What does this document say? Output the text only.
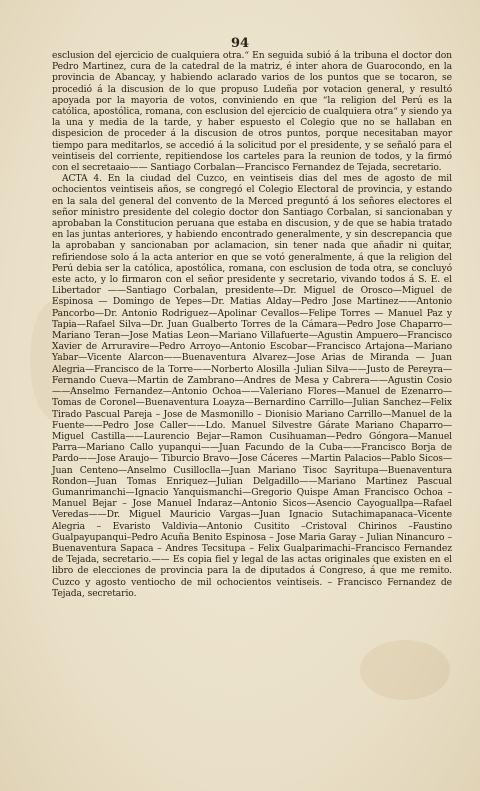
94

esclusion del ejercicio de cualquiera otra.“ En seguida subió á la tribuna el doctor don Pedro Martinez, cura de la catedral de la matriz, é inter ahora de Guarocondo, en la provincia de Abancay, y habiendo aclarado varios de los puntos que se tocaron, se procedió á la discusion de lo que propuso Ludeña por votacion general, y resultó apoyada por la mayoria de votos, conviniendo en que “la religion del Perú es la católica, apostólica, romana, con esclusion del ejercicio de cualquiera otra“ y siendo ya la una y media de la tarde, y haber espuesto el Colegio que no se hallaban en dispesicion de proceder á la discusion de otros puntos, porque necesitaban mayor tiempo para meditarlos, se accedió á la solicitud por el presidente, y se señaló para el veintiseis del corriente, repitiendose los carteles para la reunion de todos, y la firmó con el secretaaio—— Santiago Corbalan—Francisco Fernandez de Tejada, secretario.

ACTA 4. En la ciudad del Cuzco, en veintiseis dias del mes de agosto de mil ochocientos veintiseis años, se congregó el Colegio Electoral de provincia, y estando en la sala del general del convento de la Merced preguntó á los señores electores el señor ministro presidente del colegio doctor don Santiago Corbalan, si sancionaban y aprobaban la Constitucion peruana que estaba en discusion, y de que se habia tratado en las juntas anteriores, y habiendo encontrado generalmente, y sin descrepancia que la aprobaban y sancionaban por aclamacion, sin tener nada que añadir ni quitar, refiriendose solo á la acta anterior en que se votó generalmente, á que la religion del Perú debia ser la católica, apostólica, romana, con esclusion de toda otra, se concluyó este acto, y lo firmaron con el señor presidente y secretario, vivando todos á S. E. el Libertador ——Santiago Corbalan, presidente—Dr. Miguel de Orosco—Miguel de Espinosa — Domingo de Yepes—Dr. Matias Alday—Pedro Jose Martinez——Antonio Pancorbo—Dr. Antonio Rodriguez—Apolinar Cevallos—Felipe Torres — Manuel Paz y Tapia—Rafael Silva—Dr. Juan Gualberto Torres de la Cámara—Pedro Jose Chaparro—Mariano Teran—Jose Matias Leon—Mariano Villafuerte—Agustin Ampuero—Francisco Xavier de Arruravire—Pedro Arroyo—Antonio Escobar—Francisco Artajona—Mariano Yabar—Vicente Alarcon——Buenaventura Alvarez—Jose Arias de Miranda — Juan Alegria—Francisco de la Torre——Norberto Alosilla -Julian Silva——Justo de Pereyra—Fernando Cueva—Martin de Zambrano—Andres de Mesa y Cabrera——Agustin Cosio——Anselmo Fernandez—Antonio Ochoa——Valeriano Flores—Manuel de Ezenarro—Tomas de Coronel—Buenaventura Loayza—Bernardino Carrillo—Julian Sanchez—Felix Tirado Pascual Pareja – Jose de Masmonillo – Dionisio Mariano Carrillo—Manuel de la Fuente——Pedro Jose Caller——Ldo. Manuel Silvestre Gárate Mariano Chaparro—Miguel Castilla——Laurencio Bejar—Ramon Cusihuaman—Pedro Góngora—Manuel Parra—Mariano Callo yupanqui——Juan Facundo de la Cuba——Francisco Borja de Pardo——Jose Araujo— Tiburcio Bravo—Jose Cáceres —Martin Palacios—Pablo Sicos—Juan Centeno—Anselmo Cusilloclla—Juan Mariano Tisoc Sayritupa—Buenaventura Rondon—Juan Tomas Enriquez—Julian Delgadillo——Mariano Martinez Pascual Gumanrimanchi—Ignacio Yanquismanchi—Gregorio Quispe Aman Francisco Ochoa – Manuel Bejar – Jose Manuel Indaraz—Antonio Sicos—Asencio Cayoguallpa—Rafael Veredas——Dr. Miguel Mauricio Vargas—Juan Ignacio Sutachimapanaca–Vicente Alegria – Evaristo Valdivia—Antonio Cusitito –Cristoval Chirinos –Faustino Gualpayupanqui–Pedro Acuña Benito Espinosa – Jose Maria Garay – Julian Ninancuro – Buenaventura Sapaca – Andres Tecsitupa – Felix Gualparimachi–Francisco Fernandez de Tejada, secretario.—— Es copia fiel y legal de las actas originales que existen en el libro de elecciones de provincia para la de diputados á Congreso, á que me remito. Cuzco y agosto ventiocho de mil ochocientos veintiseis. – Francisco Fernandez de Tejada, secretario.
